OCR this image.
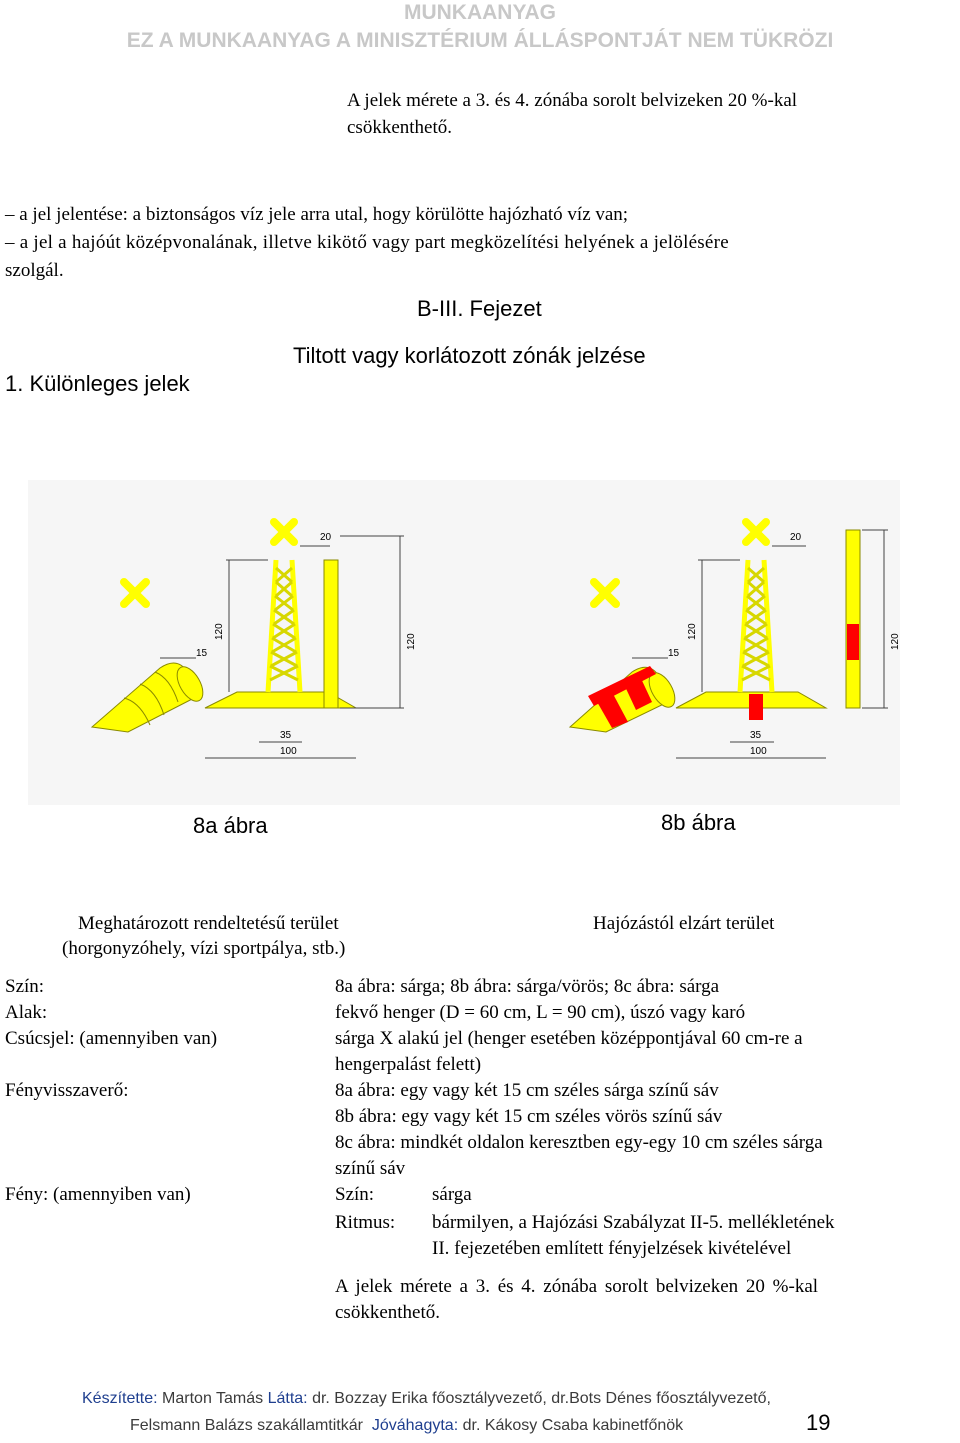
MUNKAANYAG
EZ A MUNKAANYAG A MINISZTÉRIUM ÁLLÁSPONTJÁT NEM TÜKRÖZI
A jelek mérete a 3. és 4. zónába sorolt belvizeken 20 %-kal
csökkenthető.
– a jel jelentése: a biztonságos víz jele arra utal, hogy körülötte hajózható víz van;
– a jel a hajóút középvonalának, illetve kikötő vagy part megközelítési helyének a jelölésére
szolgál.
B-III. Fejezet
Tiltott vagy korlátozott zónák jelzése
1. Különleges jelek
20
120
120
15
35
100
20
120
120
15
35
100
8a ábra	8b ábra
Meghatározott rendeltetésű terület
(horgonyzóhely, vízi sportpálya, stb.)
Hajózástól elzárt terület
Szín:	8a ábra: sárga; 8b ábra: sárga/vörös; 8c ábra: sárga
Alak:	fekvő henger (D = 60 cm, L = 90 cm), úszó vagy karó
Csúcsjel: (amennyiben van)	sárga X alakú jel (henger esetében középpontjával 60 cm-re a
hengerpalást felett)
Fényvisszaverő:	8a ábra: egy vagy két 15 cm széles sárga színű sáv
8b ábra: egy vagy két 15 cm széles vörös színű sáv
8c ábra: mindkét oldalon keresztben egy-egy 10 cm széles sárga
színű sáv
Fény: (amennyiben van)	Szín:	sárga
Ritmus: bármilyen, a Hajózási Szabályzat II-5. mellékletének
II. fejezetében említett fényjelzések kivételével
A jelek mérete a 3. és 4. zónába sorolt belvizeken 20 %-kal
csökkenthető.
Készítette: Marton Tamás Látta: dr. Bozzay Erika főosztályvezető, dr.Bots Dénes főosztályvezető,
Felsmann Balázs szakállamtitkár Jóváhagyta: dr. Kákosy Csaba kabinetfőnök	19
